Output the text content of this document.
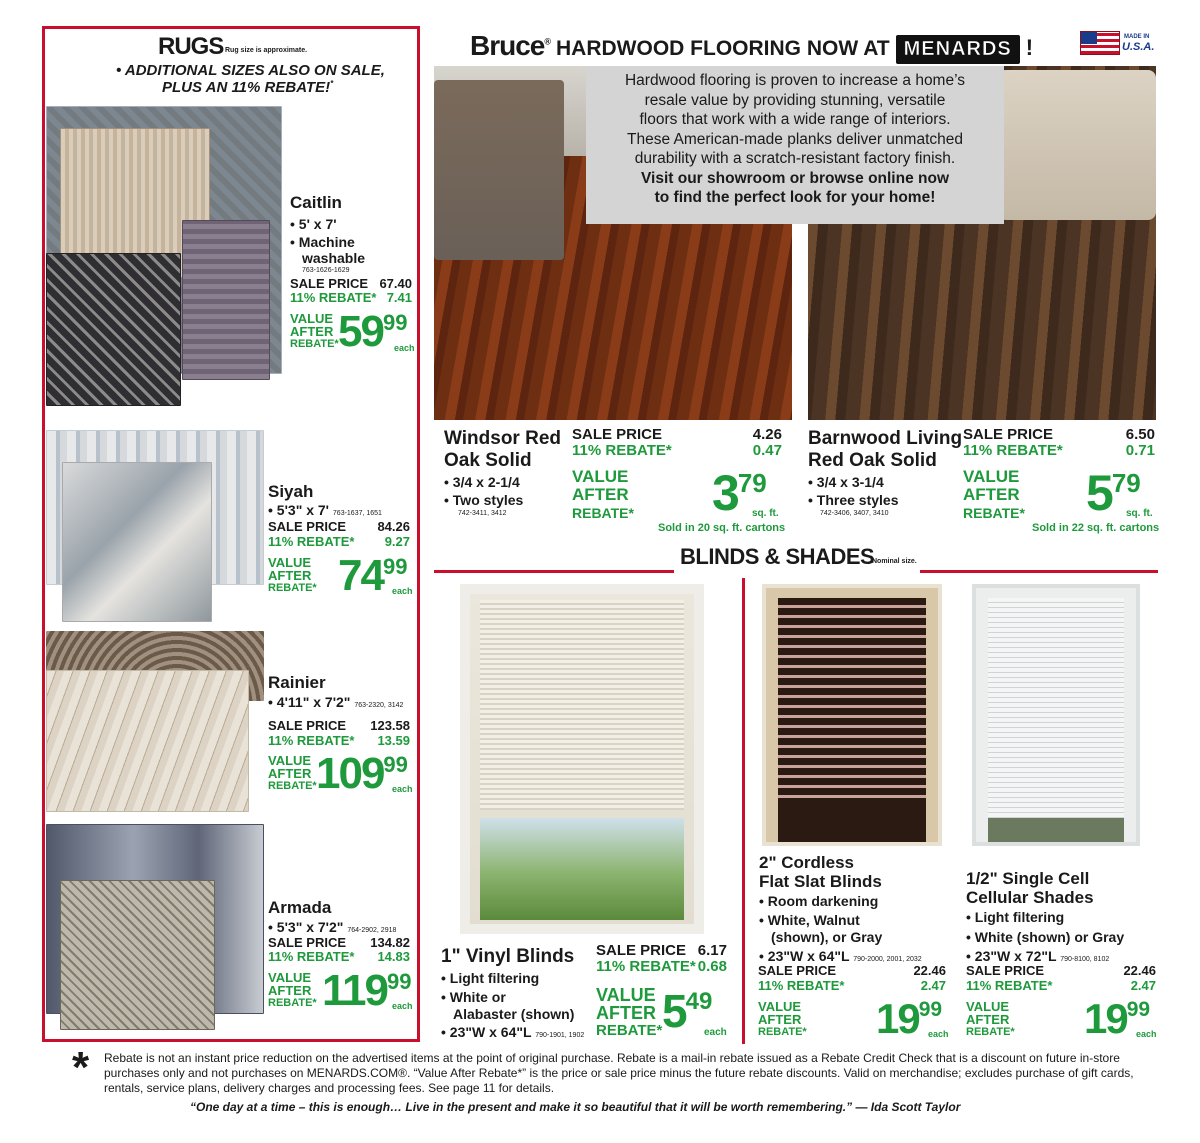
RUGS Rug size is approximate.
• ADDITIONAL SIZES ALSO ON SALE,
PLUS AN 11% REBATE!*
Caitlin
• 5' x 7'
• Machine
washable
763-1626-1629
SALE PRICE 67.40
11% REBATE* 7.41
VALUE
AFTER
REBATE* 5999
each
Siyah
• 5'3" x 7' 763-1637, 1651
SALE PRICE 84.26
11% REBATE* 9.27
VALUE
AFTER
REBATE* 7499
each
Rainier
• 4'11" x 7'2" 763-2320, 3142
SALE PRICE 123.58
11% REBATE* 13.59
VALUE
AFTER
REBATE* 10999
each
Armada
• 5'3" x 7'2" 764-2902, 2918
SALE PRICE 134.82
11% REBATE* 14.83
VALUE
AFTER
REBATE* 11999
each
Bruce® HARDWOOD FLOORING NOW AT MENARDS !	MADE IN
U.S.A.
Hardwood flooring is proven to increase a home’s
resale value by providing stunning, versatile
floors that work with a wide range of interiors.
These American-made planks deliver unmatched
durability with a scratch-resistant factory finish.
Visit our showroom or browse online now
to find the perfect look for your home!
Windsor Red
Oak Solid
• 3/4 x 2-1/4
• Two styles
742-3411, 3412
SALE PRICE	4.26
11% REBATE*	0.47
VALUE
AFTER
REBATE* 379
sq. ft.
Sold in 20 sq. ft. cartons
Barnwood Living
Red Oak Solid
• 3/4 x 3-1/4
• Three styles
742-3406, 3407, 3410
SALE PRICE	6.50
11% REBATE*	0.71
VALUE
AFTER
REBATE* 579
sq. ft.
Sold in 22 sq. ft. cartons
BLINDS & SHADES
Nominal size.
1" Vinyl Blinds
• Light filtering
• White or
Alabaster (shown)
• 23"W x 64"L 790-1901, 1902
SALE PRICE 6.17
11% REBATE* 0.68
VALUE
AFTER
REBATE* 549
each
2" Cordless
Flat Slat Blinds
• Room darkening
• White, Walnut
(shown), or Gray
• 23"W x 64"L 790-2000, 2001, 2032
SALE PRICE	22.46
11% REBATE*	2.47
VALUE
AFTER
REBATE* 1999
each
1/2" Single Cell
Cellular Shades
• Light filtering
• White (shown) or Gray
• 23"W x 72"L 790-8100, 8102
SALE PRICE	22.46
11% REBATE*	2.47
VALUE
AFTER
REBATE* 1999
each
* Rebate is not an instant price reduction on the advertised items at the point of original purchase. Rebate is a mail-in rebate issued as a Rebate Credit Check that is a discount on future in-store
purchases only and not purchases on MENARDS.COM®. “Value After Rebate*” is the price or sale price minus the future rebate discounts. Valid on merchandise; excludes purchase of gift cards,
rentals, service plans, delivery charges and processing fees. See page 11 for details.
“One day at a time – this is enough… Live in the present and make it so beautiful that it will be worth remembering.” — Ida Scott Taylor
